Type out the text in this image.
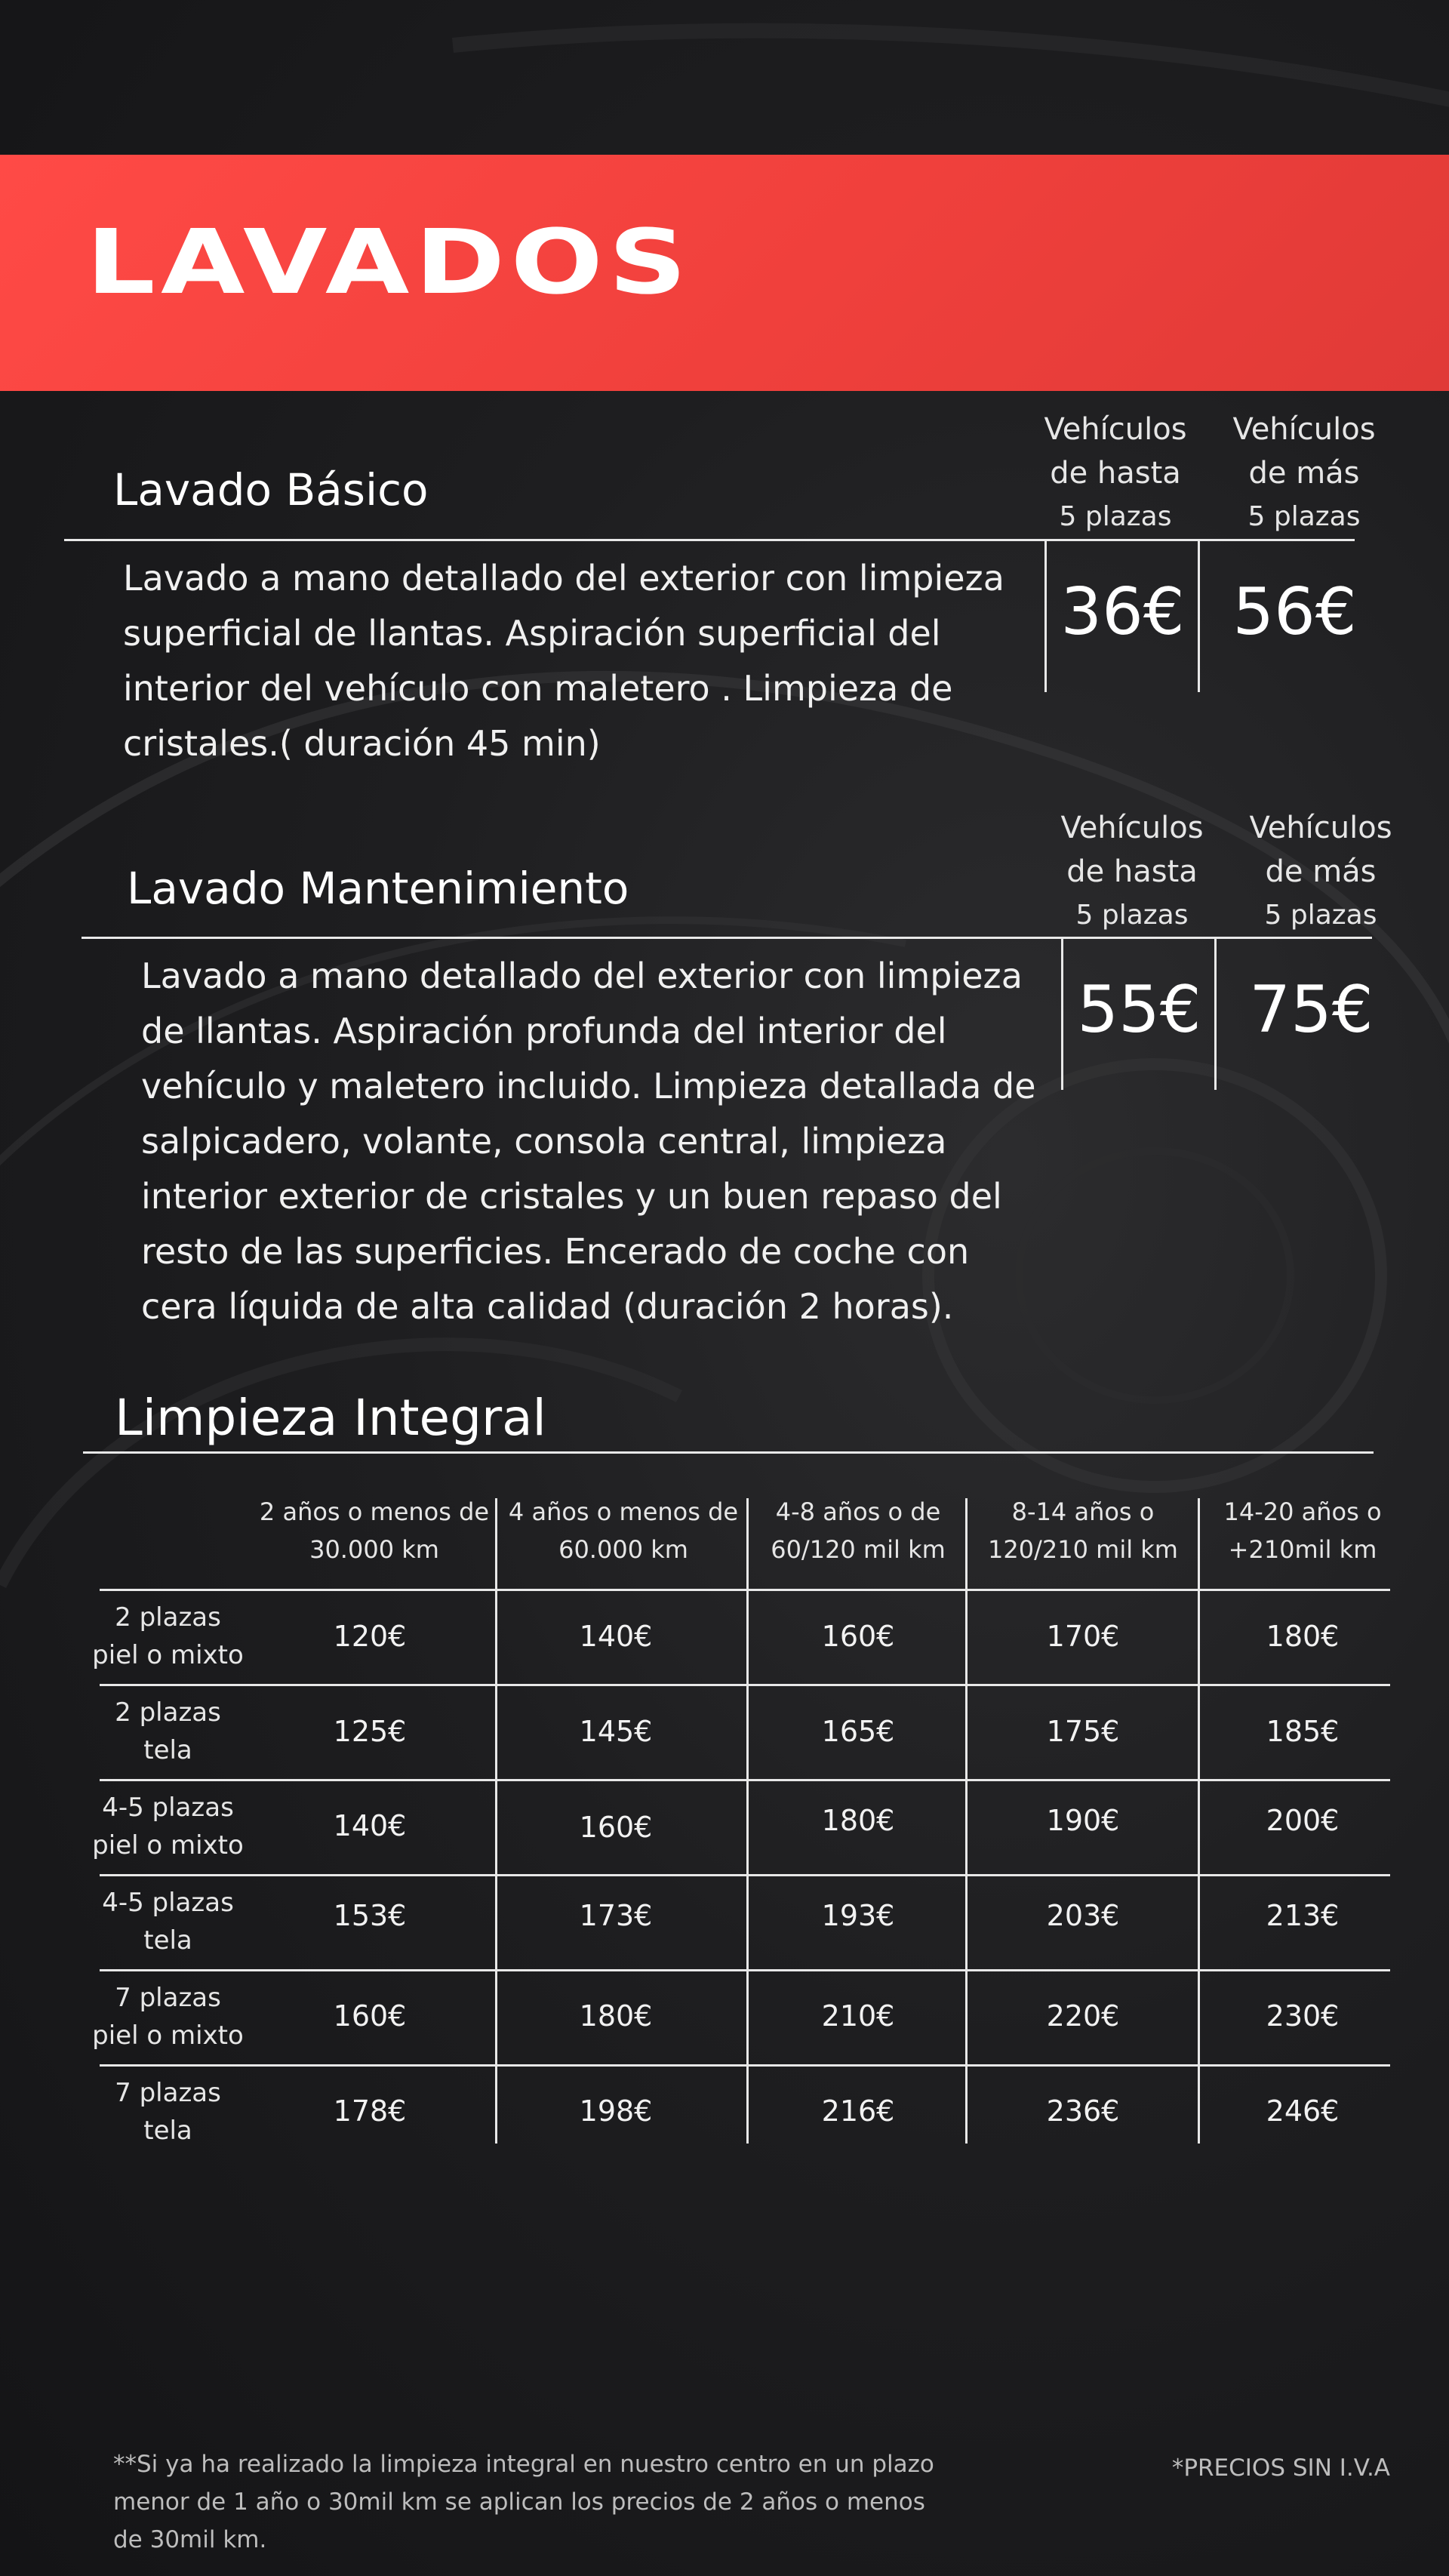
LAVADOS
Lavado Básico
Vehículos
de hasta
5 plazas
Vehículos
de más
5 plazas
Lavado a mano detallado del exterior con limpieza superficial de llantas. Aspiración superficial del interior del vehículo con maletero . Limpieza de cristales.( duración 45 min)
36€ 56€
Lavado Mantenimiento
Vehículos
de hasta
5 plazas
Vehículos
de más
5 plazas
Lavado a mano detallado del exterior con limpieza de llantas. Aspiración profunda del interior del vehículo y maletero incluido. Limpieza detallada de salpicadero, volante, consola central, limpieza interior exterior de cristales y un buen repaso del resto de las superficies. Encerado de coche con cera líquida de alta calidad (duración 2 horas).
55€ 75€
Limpieza Integral
2 años o menos de
30.000 km
4 años o menos de
60.000 km
4-8 años o de
60/120 mil km
8-14 años o
120/210 mil km
14-20 años o
+210mil km
2 plazas
piel o mixto
120€	140€	160€	170€	180€
2 plazas
tela
125€	145€	165€	175€	185€
4-5 plazas
piel o mixto
140€	160€	180€	190€	200€
4-5 plazas
tela
153€	173€	193€	203€	213€
7 plazas
piel o mixto
160€	180€	210€	220€	230€
7 plazas
tela
178€	198€	216€	236€	246€
**Si ya ha realizado la limpieza integral en nuestro centro en un plazo menor de 1 año o 30mil km se aplican los precios de 2 años o menos de 30mil km.
*PRECIOS SIN I.V.A
